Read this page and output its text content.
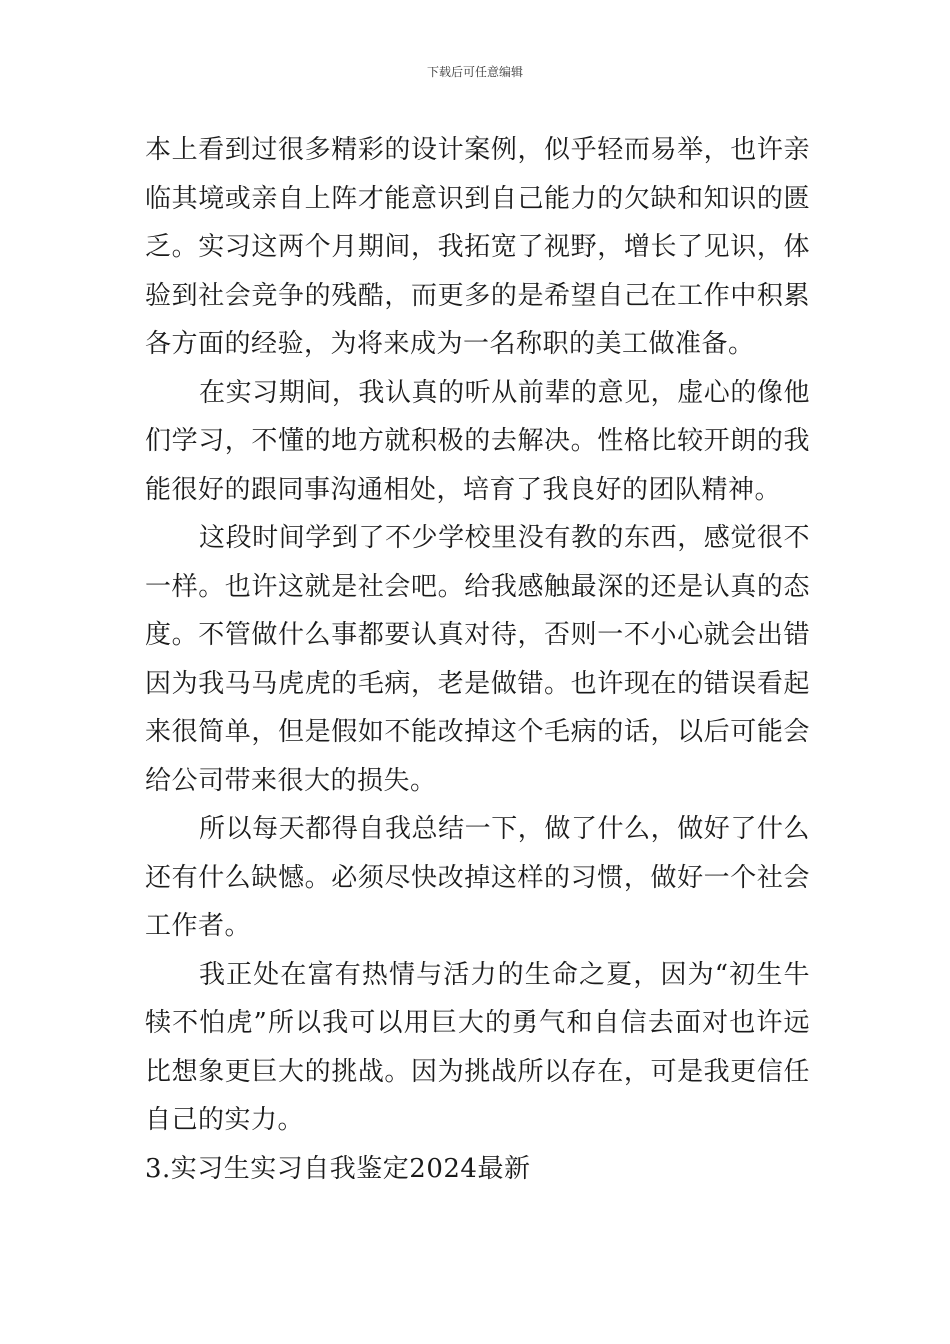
下载后可任意编辑

本上看到过很多精彩的设计案例，似乎轻而易举，也许亲临其境或亲自上阵才能意识到自己能力的欠缺和知识的匮乏。实习这两个月期间，我拓宽了视野，增长了见识，体验到社会竞争的残酷，而更多的是希望自己在工作中积累各方面的经验，为将来成为一名称职的美工做准备。

在实习期间，我认真的听从前辈的意见，虚心的像他们学习，不懂的地方就积极的去解决。性格比较开朗的我能很好的跟同事沟通相处，培育了我良好的团队精神。

这段时间学到了不少学校里没有教的东西，感觉很不一样。也许这就是社会吧。给我感触最深的还是认真的态度。不管做什么事都要认真对待，否则一不小心就会出错因为我马马虎虎的毛病，老是做错。也许现在的错误看起来很简单，但是假如不能改掉这个毛病的话，以后可能会给公司带来很大的损失。

所以每天都得自我总结一下，做了什么，做好了什么还有什么缺憾。必须尽快改掉这样的习惯，做好一个社会工作者。

我正处在富有热情与活力的生命之夏，因为“初生牛犊不怕虎”所以我可以用巨大的勇气和自信去面对也许远比想象更巨大的挑战。因为挑战所以存在，可是我更信任自己的实力。

3.实习生实习自我鉴定2024最新
